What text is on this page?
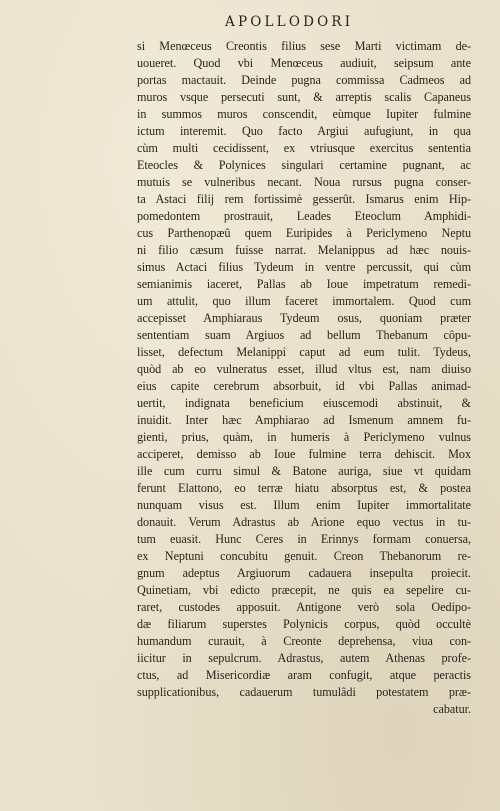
APOLLODORI
si Menœceus Creontis filius sese Marti victimam de-
uoueret. Quod vbi Menœceus audiuit, seipsum ante
portas mactauit. Deinde pugna commissa Cadmeos ad
muros vsque persecuti sunt, & arreptis scalis Capaneus
in summos muros conscendit, eùmque Iupiter fulmine
ictum interemit. Quo facto Argiui aufugiunt, in qua
cùm multi cecidissent, ex vtriusque exercitus sententia
Eteocles & Polynices singulari certamine pugnant, ac
mutuis se vulneribus necant. Noua rursus pugna conser-
ta Astaci filij rem fortissimè gesserût. Ismarus enim Hip-
pomedontem prostrauit, Leades Eteoclum Amphidi-
cus Parthenopæû quem Euripides à Periclymeno Neptu
ni filio cæsum fuisse narrat. Melanippus ad hæc nouis-
simus Actaci filius Tydeum in ventre percussit, qui cùm
semianimis iaceret, Pallas ab Ioue impetratum remedi-
um attulit, quo illum faceret immortalem. Quod cum
accepisset Amphiaraus Tydeum osus, quoniam præter
sententiam suam Argiuos ad bellum Thebanum côpu-
lisset, defectum Melanippi caput ad eum tulit. Tydeus,
quòd ab eo vulneratus esset, illud vltus est, nam diuiso
eius capite cerebrum absorbuit, id vbi Pallas animad-
uertit, indignata beneficium eiuscemodi abstinuit, &
inuidit. Inter hæc Amphiarao ad Ismenum amnem fu-
gienti, prius, quàm, in humeris à Periclymeno vulnus
acciperet, demisso ab Ioue fulmine terra dehiscit. Mox
ille cum curru simul & Batone auriga, siue vt quidam
ferunt Elattono, eo terræ hiatu absorptus est, & postea
nunquam visus est. Illum enim Iupiter immortalitate
donauit. Verum Adrastus ab Arione equo vectus in tu-
tum euasit. Hunc Ceres in Erinnys formam conuersa,
ex Neptuni concubitu genuit. Creon Thebanorum re-
gnum adeptus Argiuorum cadauera insepulta proiecit.
Quinetiam, vbi edicto præcepit, ne quis ea sepelire cu-
raret, custodes apposuit. Antigone verò sola Oedipo-
dæ filiarum superstes Polynicis corpus, quòd occultè
humandum curauit, à Creonte deprehensa, viua con-
iicitur in sepulcrum. Adrastus, autem Athenas profe-
ctus, ad Misericordiæ aram confugit, atque peractis
supplicationibus, cadauerum tumulâdi potestatem præ-
cabatur.
